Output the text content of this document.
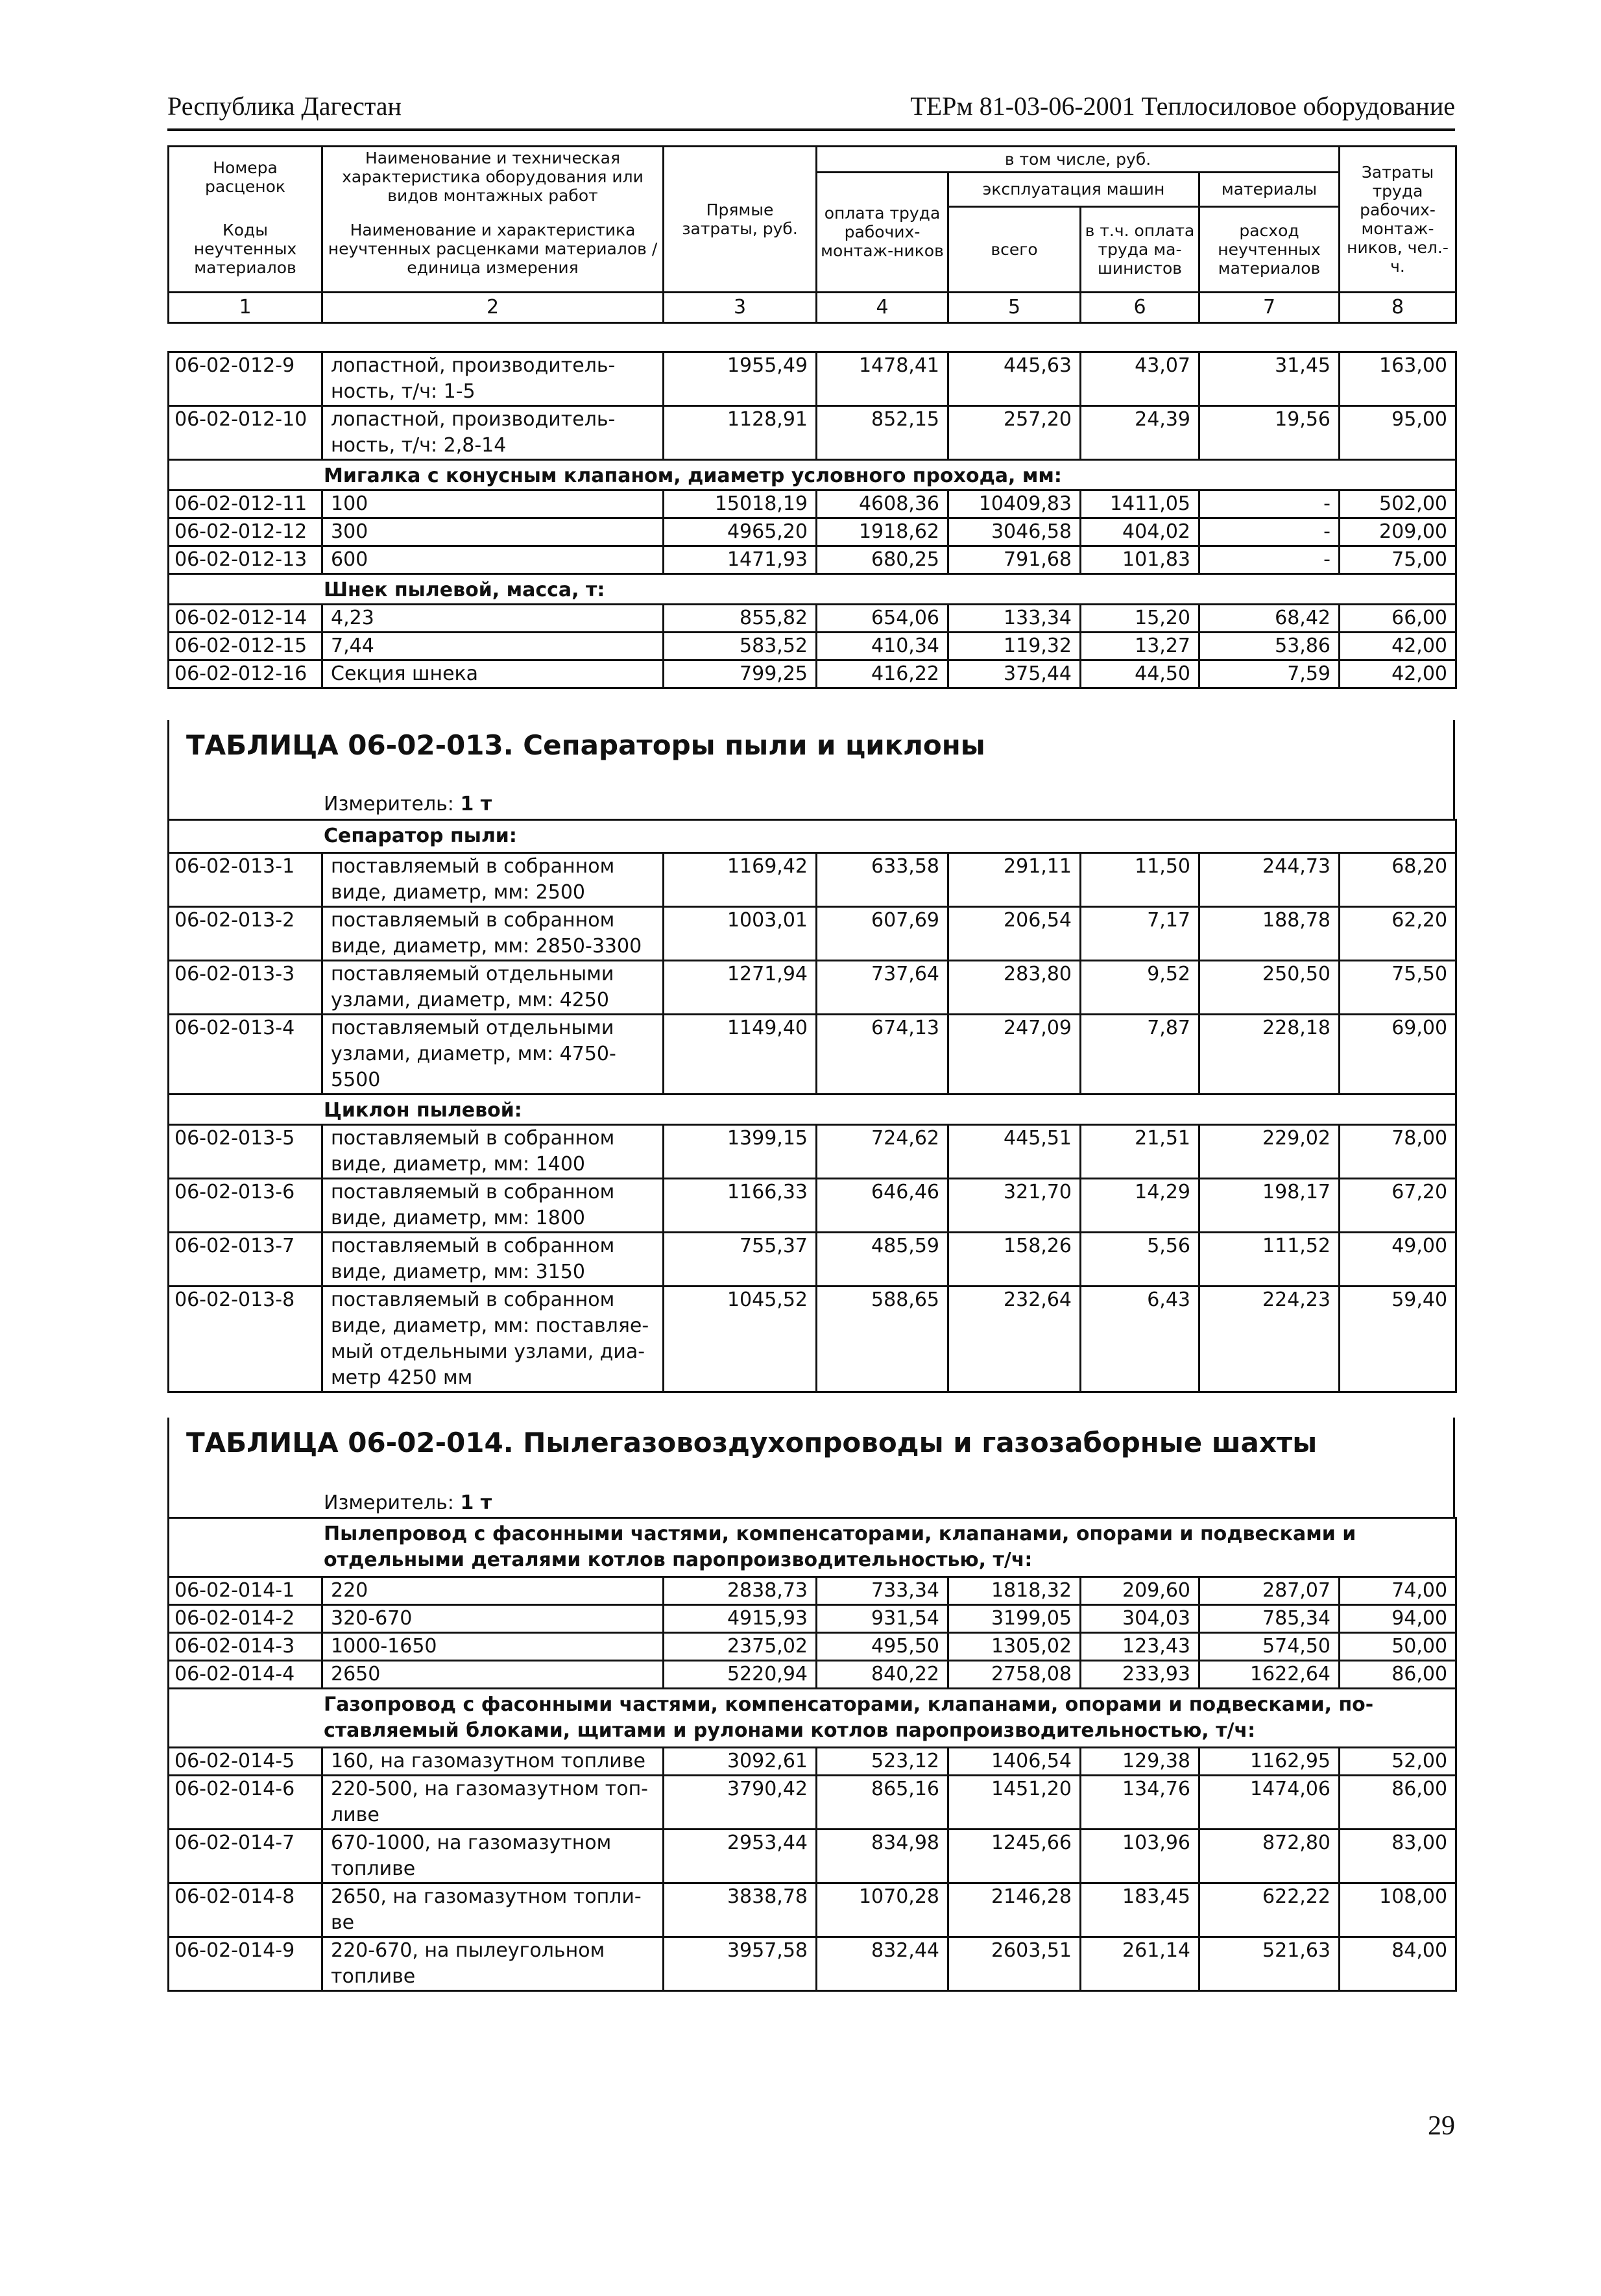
Республика Дагестан	ТЕРм 81-03-06-2001 Теплосиловое оборудование
Номера расценок	Наименование и техническая характеристика оборудования или видов монтажных работ	Прямые затраты, руб.	в том числе, руб.				Затраты труда рабочих-монтаж-ников, чел.-ч.
			оплата труда рабочих-монтаж-ников	эксплуатация машин		материалы	
Коды неучтенных материалов	Наименование и характеристика неучтенных расценками материалов / единица измерения			всего	в т.ч. оплата труда ма-шинистов	расход неучтенных материалов	

1	2	3	4	5	6	7	8
06-02-012-9	лопастной, производитель-ность, т/ч: 1-5	1955,49	1478,41	445,63	43,07	31,45	163,00
06-02-012-10	лопастной, производитель-ность, т/ч: 2,8-14	1128,91	852,15	257,20	24,39	19,56	95,00
Мигалка с конусным клапаном, диаметр условного прохода, мм:							
06-02-012-11	100	15018,19	4608,36	10409,83	1411,05	-	502,00
06-02-012-12	300	4965,20	1918,62	3046,58	404,02	-	209,00
06-02-012-13	600	1471,93	680,25	791,68	101,83	-	75,00
Шнек пылевой, масса, т:							
06-02-012-14	4,23	855,82	654,06	133,34	15,20	68,42	66,00
06-02-012-15	7,44	583,52	410,34	119,32	13,27	53,86	42,00
06-02-012-16	Секция шнека	799,25	416,22	375,44	44,50	7,59	42,00
ТАБЛИЦА 06-02-013. Сепараторы пыли и циклоны
Измеритель: 1 т
Сепаратор пыли:							
06-02-013-1	поставляемый в собранном виде, диаметр, мм: 2500	1169,42	633,58	291,11	11,50	244,73	68,20
06-02-013-2	поставляемый в собранном виде, диаметр, мм: 2850-3300	1003,01	607,69	206,54	7,17	188,78	62,20
06-02-013-3	поставляемый отдельными узлами, диаметр, мм: 4250	1271,94	737,64	283,80	9,52	250,50	75,50
06-02-013-4	поставляемый отдельными узлами, диаметр, мм: 4750-5500	1149,40	674,13	247,09	7,87	228,18	69,00
Циклон пылевой:							
06-02-013-5	поставляемый в собранном виде, диаметр, мм: 1400	1399,15	724,62	445,51	21,51	229,02	78,00
06-02-013-6	поставляемый в собранном виде, диаметр, мм: 1800	1166,33	646,46	321,70	14,29	198,17	67,20
06-02-013-7	поставляемый в собранном виде, диаметр, мм: 3150	755,37	485,59	158,26	5,56	111,52	49,00
06-02-013-8	поставляемый в собранном виде, диаметр, мм: поставляе-мый отдельными узлами, диа-метр 4250 мм	1045,52	588,65	232,64	6,43	224,23	59,40
ТАБЛИЦА 06-02-014. Пылегазовоздухопроводы и газозаборные шахты
Измеритель: 1 т
Пылепровод с фасонными частями, компенсаторами, клапанами, опорами и подвесками и отдельными деталями котлов паропроизводительностью, т/ч:							
06-02-014-1	220	2838,73	733,34	1818,32	209,60	287,07	74,00
06-02-014-2	320-670	4915,93	931,54	3199,05	304,03	785,34	94,00
06-02-014-3	1000-1650	2375,02	495,50	1305,02	123,43	574,50	50,00
06-02-014-4	2650	5220,94	840,22	2758,08	233,93	1622,64	86,00
Газопровод с фасонными частями, компенсаторами, клапанами, опорами и подвесками, по-ставляемый блоками, щитами и рулонами котлов паропроизводительностью, т/ч:							
06-02-014-5	160, на газомазутном топливе	3092,61	523,12	1406,54	129,38	1162,95	52,00
06-02-014-6	220-500, на газомазутном топ-ливе	3790,42	865,16	1451,20	134,76	1474,06	86,00
06-02-014-7	670-1000, на газомазутном топливе	2953,44	834,98	1245,66	103,96	872,80	83,00
06-02-014-8	2650, на газомазутном топли-ве	3838,78	1070,28	2146,28	183,45	622,22	108,00
06-02-014-9	220-670, на пылеугольном топливе	3957,58	832,44	2603,51	261,14	521,63	84,00
29
